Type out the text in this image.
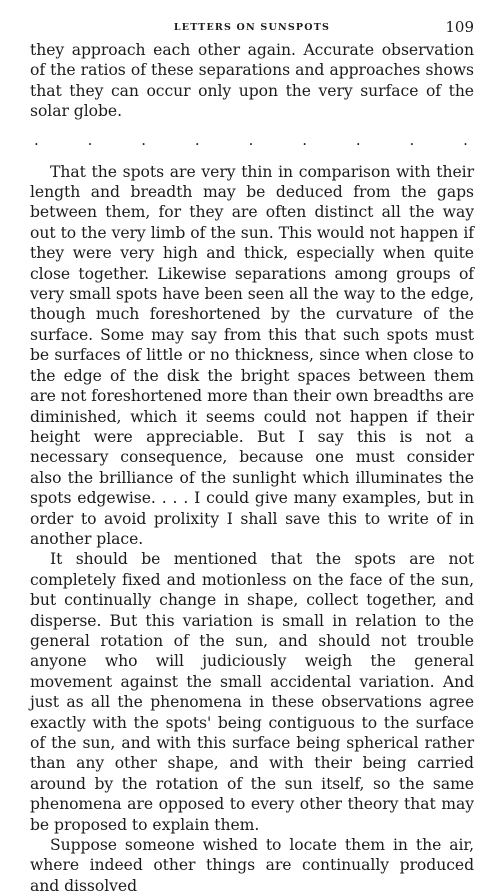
LETTERS ON SUNSPOTS	109

they approach each other again. Accurate observation of the ratios of these separations and approaches shows that they can occur only upon the very surface of the solar globe.

.	.	.	.	.	.	.	.	.

That the spots are very thin in comparison with their length and breadth may be deduced from the gaps between them, for they are often distinct all the way out to the very limb of the sun. This would not happen if they were very high and thick, especially when quite close together. Likewise separations among groups of very small spots have been seen all the way to the edge, though much foreshortened by the curvature of the surface. Some may say from this that such spots must be surfaces of little or no thickness, since when close to the edge of the disk the bright spaces between them are not foreshortened more than their own breadths are diminished, which it seems could not happen if their height were appreciable. But I say this is not a necessary consequence, because one must consider also the brilliance of the sunlight which illuminates the spots edgewise. . . . I could give many examples, but in order to avoid prolixity I shall save this to write of in another place.

It should be mentioned that the spots are not completely fixed and motionless on the face of the sun, but continually change in shape, collect together, and disperse. But this variation is small in relation to the general rotation of the sun, and should not trouble anyone who will judiciously weigh the general movement against the small accidental variation. And just as all the phenomena in these observations agree exactly with the spots' being contiguous to the surface of the sun, and with this surface being spherical rather than any other shape, and with their being carried around by the rotation of the sun itself, so the same phenomena are opposed to every other theory that may be proposed to explain them.

Suppose someone wished to locate them in the air, where indeed other things are continually produced and dissolved
